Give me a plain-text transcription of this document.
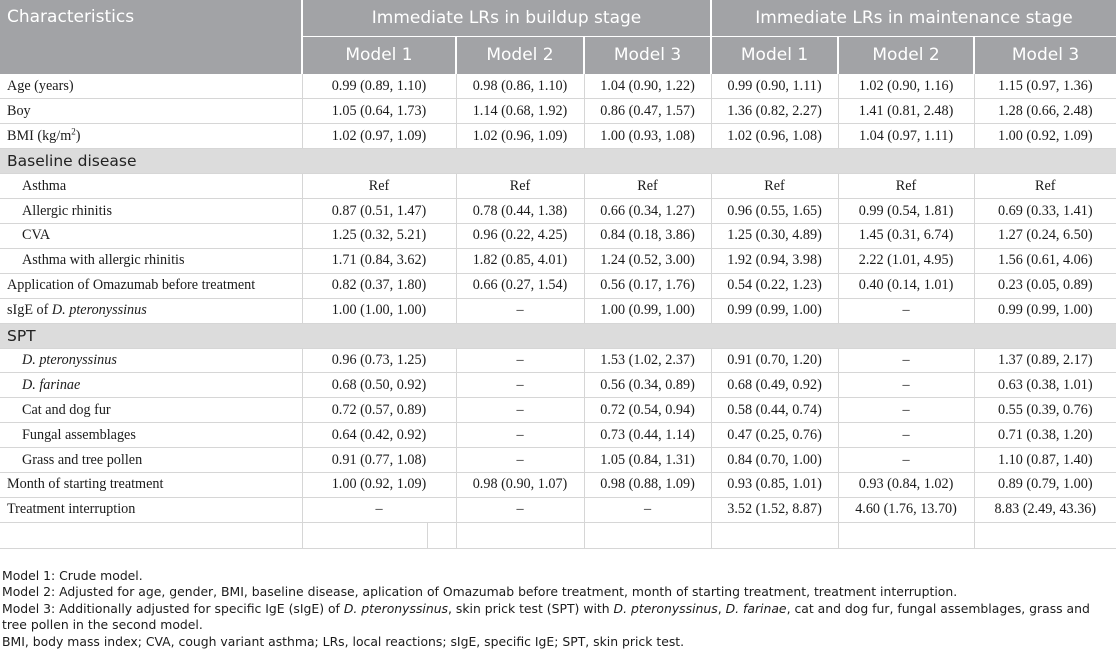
Characteristics	Immediate LRs in buildup stage				Immediate LRs in maintenance stage		
	Model 1		Model 2	Model 3	Model 1	Model 2	Model 3
Age (years)	0.99 (0.89, 1.10)		0.98 (0.86, 1.10)	1.04 (0.90, 1.22)	0.99 (0.90, 1.11)	1.02 (0.90, 1.16)	1.15 (0.97, 1.36)
Boy	1.05 (0.64, 1.73)		1.14 (0.68, 1.92)	0.86 (0.47, 1.57)	1.36 (0.82, 2.27)	1.41 (0.81, 2.48)	1.28 (0.66, 2.48)
BMI $(kg/m^2)$	1.02 (0.97, 1.09)		1.02 (0.96, 1.09)	1.00 (0.93, 1.08)	1.02 (0.96, 1.08)	1.04 (0.97, 1.11)	1.00 (0.92, 1.09)
Baseline disease							
Asthma	Ref		Ref	Ref	Ref	Ref	Ref
Allergic rhinitis	0.87 (0.51, 1.47)		0.78 (0.44, 1.38)	0.66 (0.34, 1.27)	0.96 (0.55, 1.65)	0.99 (0.54, 1.81)	0.69 (0.33, 1.41)
CVA	1.25 (0.32, 5.21)		0.96 (0.22, 4.25)	0.84 (0.18, 3.86)	1.25 (0.30, 4.89)	1.45 (0.31, 6.74)	1.27 (0.24, 6.50)
Asthma with allergic rhinitis	1.71 (0.84, 3.62)		1.82 (0.85, 4.01)	1.24 (0.52, 3.00)	1.92 (0.94, 3.98)	2.22 (1.01, 4.95)	1.56 (0.61, 4.06)
Application of Omazumab before treatment	0.82 (0.37, 1.80)		0.66 (0.27, 1.54)	0.56 (0.17, 1.76)	0.54 (0.22, 1.23)	0.40 (0.14, 1.01)	0.23 (0.05, 0.89)
sIgE of D. pteronyssinus	1.00 (1.00, 1.00)		–	1.00 (0.99, 1.00)	0.99 (0.99, 1.00)	–	0.99 (0.99, 1.00)
SPT							
D. pteronyssinus	0.96 (0.73, 1.25)		–	1.53 (1.02, 2.37)	0.91 (0.70, 1.20)	–	1.37 (0.89, 2.17)
D. farinae	0.68 (0.50, 0.92)		–	0.56 (0.34, 0.89)	0.68 (0.49, 0.92)	–	0.63 (0.38, 1.01)
Cat and dog fur	0.72 (0.57, 0.89)		–	0.72 (0.54, 0.94)	0.58 (0.44, 0.74)	–	0.55 (0.39, 0.76)
Fungal assemblages	0.64 (0.42, 0.92)		–	0.73 (0.44, 1.14)	0.47 (0.25, 0.76)	–	0.71 (0.38, 1.20)
Grass and tree pollen	0.91 (0.77, 1.08)		–	1.05 (0.84, 1.31)	0.84 (0.70, 1.00)	–	1.10 (0.87, 1.40)
Month of starting treatment	1.00 (0.92, 1.09)		0.98 (0.90, 1.07)	0.98 (0.88, 1.09)	0.93 (0.85, 1.01)	0.93 (0.84, 1.02)	0.89 (0.79, 1.00)
Treatment interruption	–		–	–	3.52 (1.52, 8.87)	4.60 (1.76, 13.70)	8.83 (2.49, 43.36)

Model 1: Crude model.

Model 2: Adjusted for age, gender, BMI, baseline disease, aplication of Omazumab before treatment, month of starting treatment, treatment interruption.

Model 3: Additionally adjusted for specific IgE (sIgE) of D. pteronyssinus, skin prick test (SPT) with D. pteronyssinus, D. farinae, cat and dog fur, fungal assemblages, grass and tree pollen in the second model.

BMI, body mass index; CVA, cough variant asthma; LRs, local reactions; sIgE, specific IgE; SPT, skin prick test.
